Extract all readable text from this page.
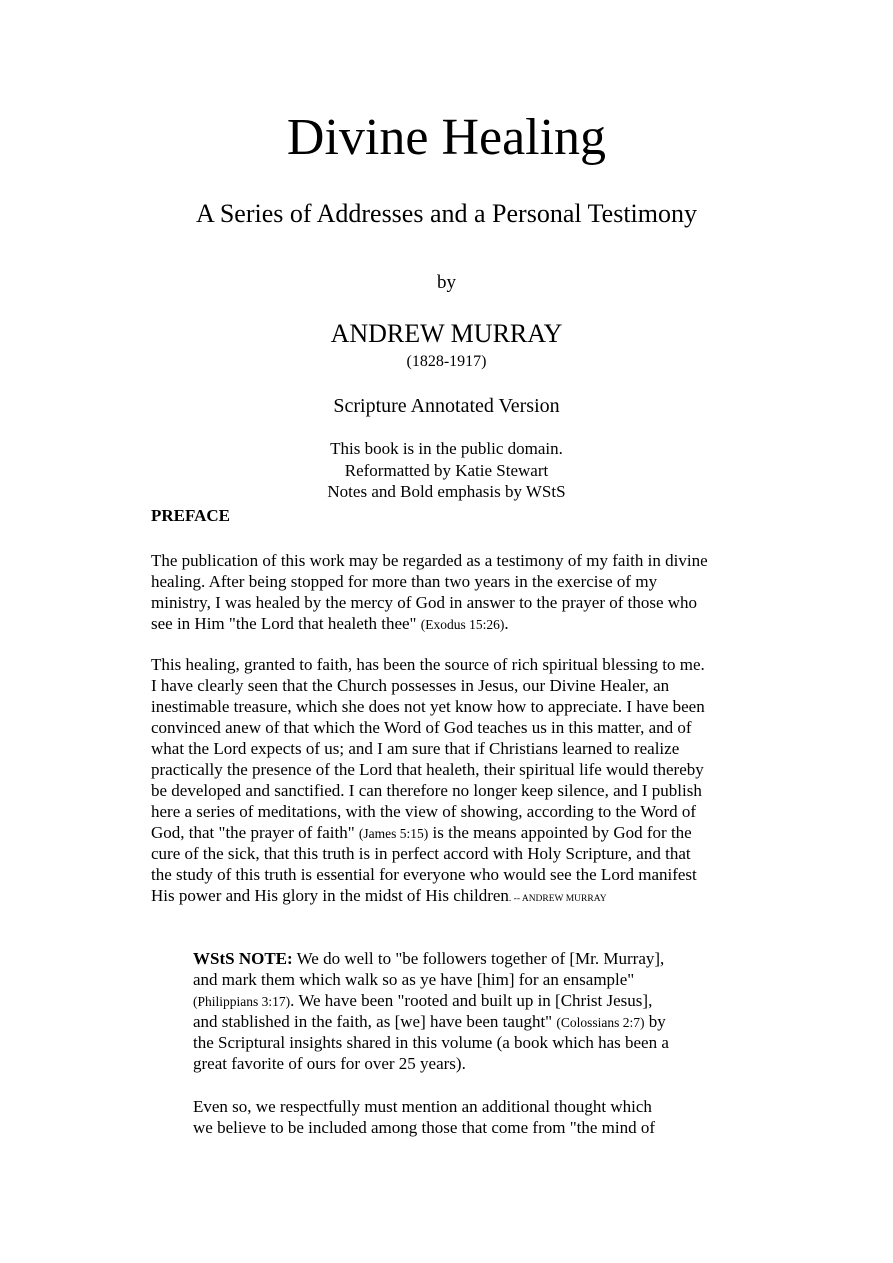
Divine Healing
A Series of Addresses and a Personal Testimony
by
ANDREW MURRAY
(1828-1917)
Scripture Annotated Version
This book is in the public domain.
Reformatted by Katie Stewart
Notes and Bold emphasis by WStS
PREFACE
The publication of this work may be regarded as a testimony of my faith in divine
healing. After being stopped for more than two years in the exercise of my
ministry, I was healed by the mercy of God in answer to the prayer of those who
see in Him "the Lord that healeth thee" (Exodus 15:26).
This healing, granted to faith, has been the source of rich spiritual blessing to me.
I have clearly seen that the Church possesses in Jesus, our Divine Healer, an
inestimable treasure, which she does not yet know how to appreciate. I have been
convinced anew of that which the Word of God teaches us in this matter, and of
what the Lord expects of us; and I am sure that if Christians learned to realize
practically the presence of the Lord that healeth, their spiritual life would thereby
be developed and sanctified. I can therefore no longer keep silence, and I publish
here a series of meditations, with the view of showing, according to the Word of
God, that "the prayer of faith" (James 5:15) is the means appointed by God for the
cure of the sick, that this truth is in perfect accord with Holy Scripture, and that
the study of this truth is essential for everyone who would see the Lord manifest
His power and His glory in the midst of His children. -- ANDREW MURRAY
WStS NOTE: We do well to "be followers together of [Mr. Murray],
and mark them which walk so as ye have [him] for an ensample"
(Philippians 3:17). We have been "rooted and built up in [Christ Jesus],
and stablished in the faith, as [we] have been taught" (Colossians 2:7) by
the Scriptural insights shared in this volume (a book which has been a
great favorite of ours for over 25 years).
Even so, we respectfully must mention an additional thought which
we believe to be included among those that come from "the mind of
